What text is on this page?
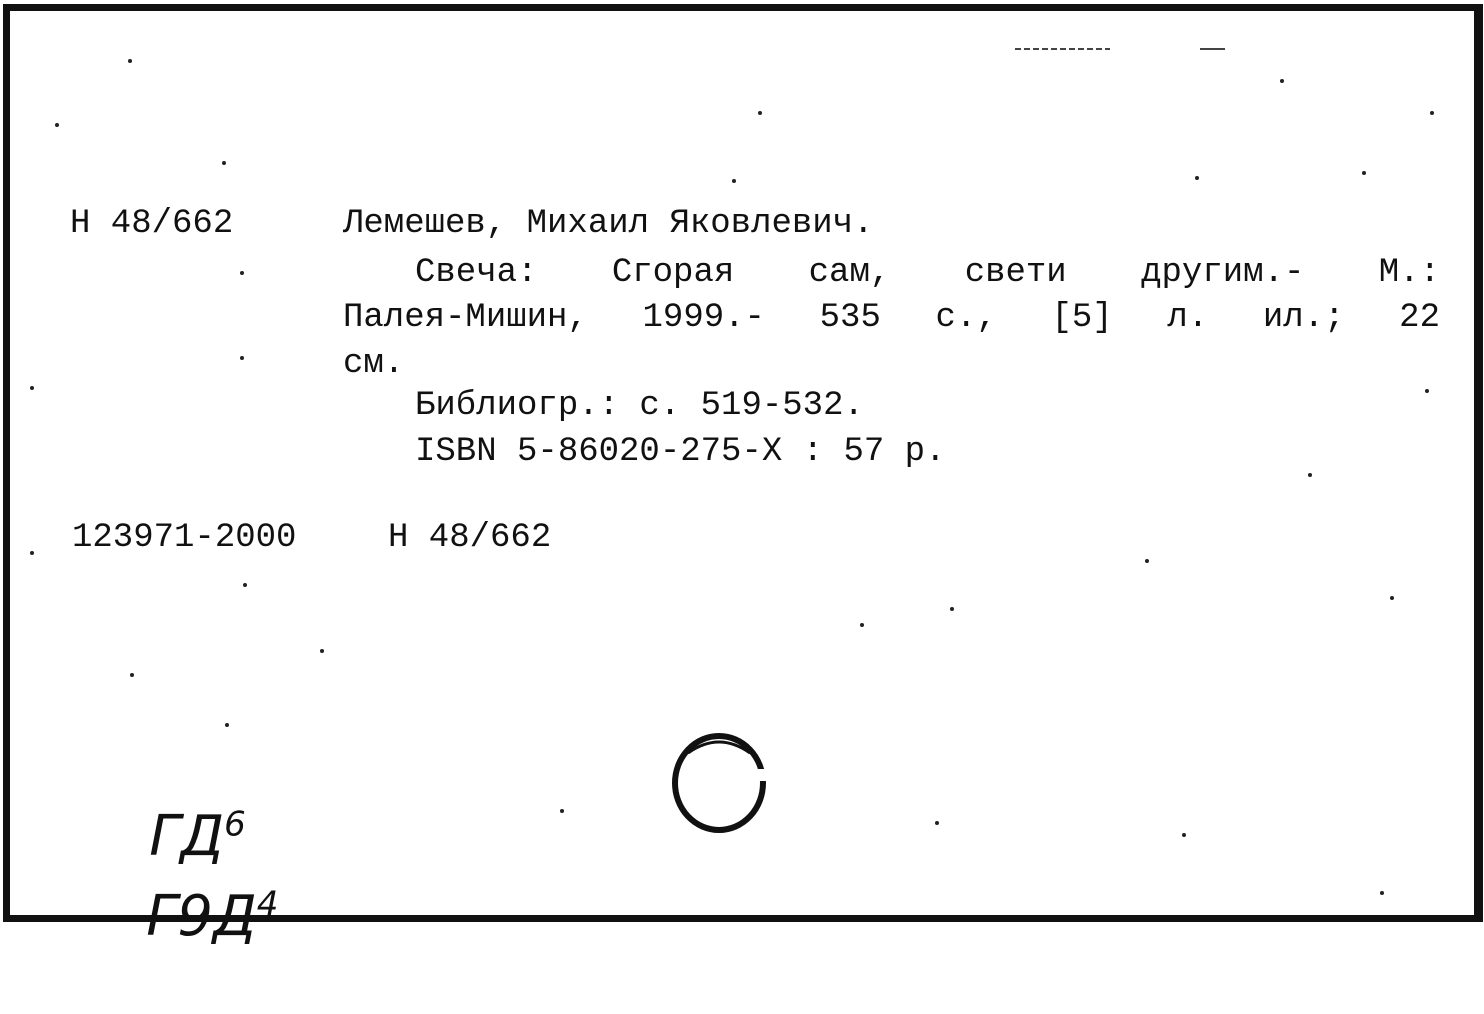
Н 48/662	Лемешев, Михаил Яковлевич.
Свеча: Сгорая сам, свети другим.- М.:
Палея-Мишин, 1999.- 535 с., [5] л. ил.; 22
см.
Библиогр.: с. 519-532.
ISBN 5-86020-275-X : 57 р.
123971-2000	Н 48/662

$ГД^6$

$Г9Д^4$
